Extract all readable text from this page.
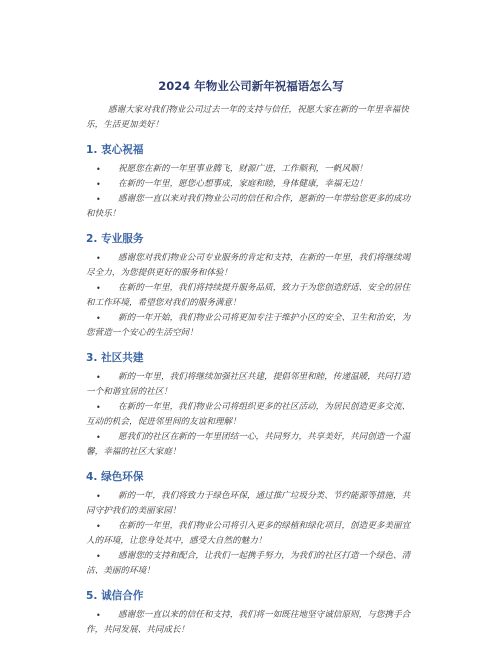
2024 年物业公司新年祝福语怎么写

感谢大家对我们物业公司过去一年的支持与信任，祝愿大家在新的一年里幸福快乐，生活更加美好！

1. 衷心祝福
• 祝愿您在新的一年里事业腾飞，财源广进，工作顺利，一帆风顺！
• 在新的一年里，愿您心想事成，家庭和睦，身体健康，幸福无边！
• 感谢您一直以来对我们物业公司的信任和合作，愿新的一年带给您更多的成功和快乐！
2. 专业服务
• 感谢您对我们物业公司专业服务的肯定和支持，在新的一年里，我们将继续竭尽全力，为您提供更好的服务和体验！
• 在新的一年里，我们将持续提升服务品质，致力于为您创造舒适、安全的居住和工作环境，希望您对我们的服务满意！
• 新的一年开始，我们物业公司将更加专注于维护小区的安全、卫生和治安，为您营造一个安心的生活空间！
3. 社区共建
• 新的一年里，我们将继续加强社区共建，提倡邻里和睦，传递温暖，共同打造一个和谐宜居的社区！
• 在新的一年里，我们物业公司将组织更多的社区活动，为居民创造更多交流、互动的机会，促进邻里间的友谊和理解！
• 愿我们的社区在新的一年里团结一心，共同努力，共享美好，共同创造一个温馨，幸福的社区大家庭！
4. 绿色环保
• 新的一年，我们将致力于绿色环保，通过推广垃圾分类、节约能源等措施，共同守护我们的美丽家园！
• 在新的一年里，我们物业公司将引入更多的绿植和绿化项目，创造更多美丽宜人的环境，让您身处其中，感受大自然的魅力！
• 感谢您的支持和配合，让我们一起携手努力，为我们的社区打造一个绿色、清洁、美丽的环境！
5. 诚信合作
• 感谢您一直以来的信任和支持，我们将一如既往地坚守诚信原则，与您携手合作，共同发展、共同成长！
